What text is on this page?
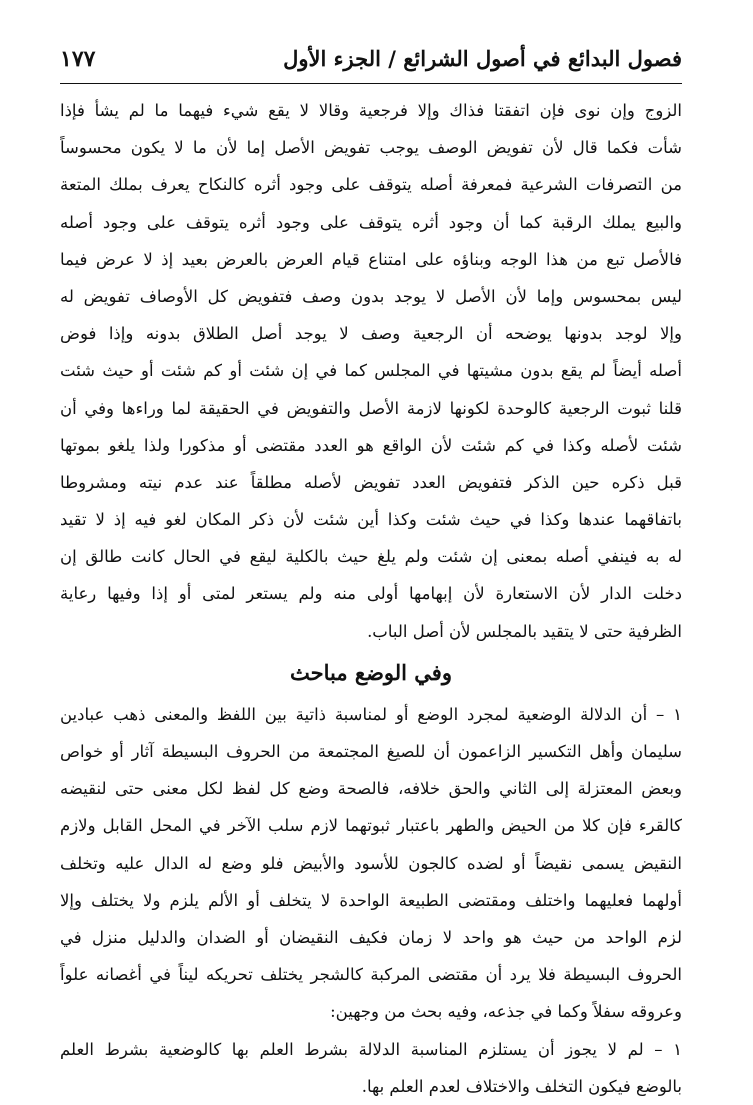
فصول البدائع في أصول الشرائع / الجزء الأول
١٧٧
الزوج وإن نوى فإن اتفقتا فذاك وإلا فرجعية وقالا لا يقع شيء فيهما ما لم يشأ فإذا
شأت فكما قال لأن تفويض الوصف يوجب تفويض الأصل إما لأن ما لا يكون محسوساً
من التصرفات الشرعية فمعرفة أصله يتوقف على وجود أثره كالنكاح يعرف بملك المتعة
والبيع يملك الرقبة كما أن وجود أثره يتوقف على وجود أثره يتوقف على وجود أصله
فالأصل تبع من هذا الوجه وبناؤه على امتناع قيام العرض بالعرض بعيد إذ لا عرض فيما
ليس بمحسوس وإما لأن الأصل لا يوجد بدون وصف فتفويض كل الأوصاف تفويض له
وإلا لوجد بدونها يوضحه أن الرجعية وصف لا يوجد أصل الطلاق بدونه وإذا فوض
أصله أيضاً لم يقع بدون مشيتها في المجلس كما في إن شئت أو كم شئت أو حيث شئت
قلنا ثبوت الرجعية كالوحدة لكونها لازمة الأصل والتفويض في الحقيقة لما وراءها وفي أن
شئت لأصله وكذا في كم شئت لأن الواقع هو العدد مقتضى أو مذكورا ولذا يلغو بموتها
قبل ذكره حين الذكر فتفويض العدد تفويض لأصله مطلقاً عند عدم نيته ومشروطا
باتفاقهما عندها وكذا في حيث شئت وكذا أين شئت لأن ذكر المكان لغو فيه إذ لا تقيد
له به فينفي أصله بمعنى إن شئت ولم يلغ حيث بالكلية ليقع في الحال كانت طالق إن
دخلت الدار لأن الاستعارة لأن إبهامها أولى منه ولم يستعر لمتى أو إذا وفيها رعاية
الظرفية حتى لا يتقيد بالمجلس لأن أصل الباب.
وفي الوضع مباحث
١ – أن الدلالة الوضعية لمجرد الوضع أو لمناسبة ذاتية بين اللفظ والمعنى ذهب عبادين
سليمان وأهل التكسير الزاعمون أن للصيغ المجتمعة من الحروف البسيطة آثار أو خواص
وبعض المعتزلة إلى الثاني والحق خلافه، فالصحة وضع كل لفظ لكل معنى حتى لنقيضه
كالقرء فإن كلا من الحيض والطهر باعتبار ثبوتهما لازم سلب الآخر في المحل القابل ولازم
النقيض يسمى نقيضاً أو لضده كالجون للأسود والأبيض فلو وضع له الدال عليه وتخلف
أولهما فعليهما واختلف ومقتضى الطبيعة الواحدة لا يتخلف أو الألم يلزم ولا يختلف وإلا
لزم الواحد من حيث هو واحد لا زمان فكيف النقيضان أو الضدان والدليل منزل في
الحروف البسيطة فلا يرد أن مقتضى المركبة كالشجر يختلف تحريكه ليناً في أغصانه علواً
وعروقه سفلاً وكما في جذعه، وفيه بحث من وجهين:
١ – لم لا يجوز أن يستلزم المناسبة الدلالة بشرط العلم بها كالوضعية بشرط العلم
بالوضع فيكون التخلف والاختلاف لعدم العلم بها.
